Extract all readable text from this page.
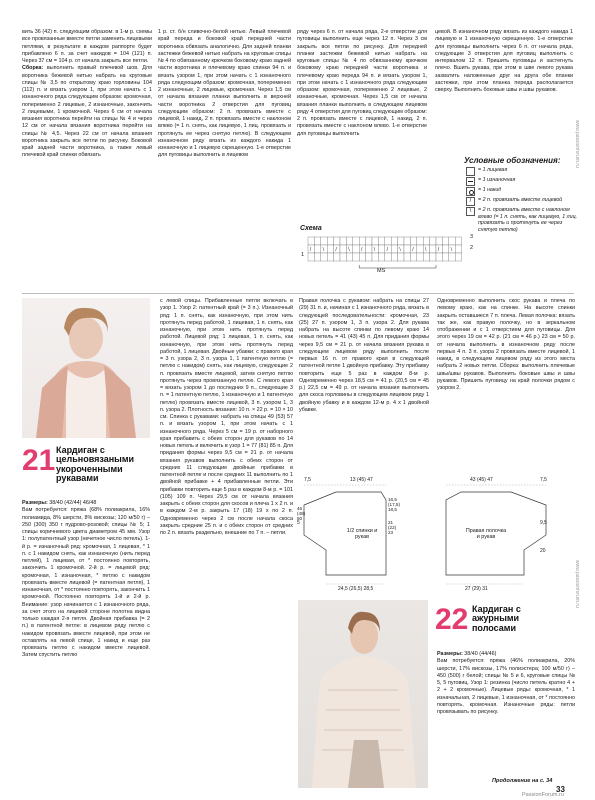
вить 36 (42) п. следующим образом: в 1-м р. схемы все провязанные вместе петли заменить лицевыми петлями, в результате в каждом раппорте будет прибавлено 6 п. за счет накидов = 104 (121) п. Через 37 см = 104 р. от начала закрыть все петли.

Сборка: выполнить правый плечевой шов. Для воротника бежевой нитью набрать на круговые спицы № 3,5 по открытому краю горловины 104 (112) п. и вязать узором 1, при этом начать с 1 изнаночного ряда следующим образом: кромочная, попеременно 2 лицевые, 2 изнаночные, закончить 2 лицевыми, 1 кромочной. Через 6 см от начала вязания воротника перейти на спицы № 4 и через 12 см от начала вязания воротника перейти на спицы № 4,5. Через 22 см от начала вязания воротника закрыть все петли по рисунку. Боковой край задней части воротника, а также левый плечевой край спинки обвязать

1 р. ст. б/н сливочно-белой нитью. Левый плечевой край переда и боковой край передней части воротника обвязать аналогично. Для задней планки застежки бежевой нитью набрать на круговые спицы № 4 по обвязанному крючком боковому краю задней части воротника и плечевому краю спинки 94 п. и вязать узором 1, при этом начать с 1 изнаночного ряда следующим образом: кромочная, попеременно 2 изнаночные, 2 лицевые, кромочная. Через 1,5 см от начала вязания планки выполнить в верхней части воротника 2 отверстия для пуговиц следующим образом: 2 п. провязать вместе с лицевой, 1 накид, 2 п. провязать вместе с наклоном влево (= 1 п. снять, как лицевую, 1 лиц. провязать и протянуть ее через снятую петлю). В следующем изнаночном ряду вязать из каждого накида 1 изнаночную и 1 лицевую скрещенную. 1-е отверстие для пуговицы выполнить в лицевом

ряду через 6 п. от начала ряда, 2-е отверстие для пуговицы выполнить еще через 12 п. Через 3 см закрыть все петли по рисунку. Для передней планки застежки бежевой нитью набрать на круговые спицы № 4 по обвязанному крючком боковому краю передней части воротника и плечевому краю переда 94 п. и вязать узором 1, при этом начать с 1 изнаночного ряда следующим образом: кромочная, попеременно 2 лицевые, 2 изнаночные, кромочная. Через 1,5 см от начала вязания планки выполнить в следующем лицевом ряду 4 отверстия для пуговиц следующим образом: 2 п. провязать вместе с лицевой, 1 накид, 2 п. провязать вместе с наклоном влево. 1-е отверстие для пуговицы выполнить

цевой. В изнаночном ряду вязать из каждого накида 1 лицевую и 1 изнаночную скрещенную. 1-е отверстие для пуговицы выполнить через 6 п. от начала ряда, следующие 3 отверстия для пуговиц выполнить с интервалом 12 п. Пришить пуговицы и застегнуть плечо. Вшить рукава, при этом в шве левого рукава захватить наложенные друг на друга обе планки застежки, при этом планка переда располагается сверху. Выполнить боковые швы и швы рукавов.

Условные обозначения:
= 1 лицевая
= 1 изнаночная
= 1 накид
/	= 2 п. провязать вместе лицевой
\	= 2 п. провязать вместе с наклоном влево (= 1 п. снять, как лицевую, 1 лиц. провязать и протянуть ее через снятую петлю)
Схема
/ \ / \ / \ / \ / \ / \
3
1
2
MS
21 Кардиган с цельновязаными укороченными рукавами

Размеры: 38/40 (42/44) 46/48

Вам потребуется: пряжа (68% полиакрила, 16% полиамида, 8% шерсти, 8% вискозы; 120 м/50 г) – 250 (300) 350 г пудрово-розовой; спицы № 5; 1 спицы коричневого цвета диаметром 45 мм. Узор 1: полупатентный узор (нечетное число петель). 1-й р. = изнаночный ряд: кромочная, 1 лицевая, * 1 п. с 1 накидом снять, как изнаночную (нить перед петлей), 1 лицевая, от * постоянно повторять, закончить 1 кромочной. 2-й р. = лицевой ряд: кромочная, 1 изнаночная, * петлю с накидом провязать вместе лицевой (= патентная петля), 1 изнаночная, от * постоянно повторять, закончить 1 кромочной. Постоянно повторять 1-й и 2-й р. Внимание: узор начинается с 1 изнаночного ряда, за счет этого на лицевой стороне полотна видна только каждая 2-я петля. Двойная прибавка (= 2 п.) в патентной петле: в лицевом ряду петлю с накидом провязать вместе лицевой, при этом не оставлять на левой спице, 1 накид и еще раз провязать петлю с накидом вместе лицевой. Затем спустить петлю

с левой спицы. Прибавленные петли включать в узор 1. Узор 2: патентный край (= 3 п.). Изнаночный ряд: 1 п. снять, как изнаночную, при этом нить протянуть перед работой, 1 лицевая, 1 п. снять, как изнаночную, при этом нить протянуть перед работой. Лицевой ряд: 1 лицевая, 1 п. снять, как изнаночную, при этом нить протянуть перед работой, 1 лицевая. Двойные убавки: с правого края = 3 п. узора 2, 3 п. узора 1, 1 патентную петлю (= петлю с накидом) снять, как лицевую, следующие 2 п. провязать вместе лицевой, затем снятую петлю протянуть через провязанную петлю. С левого края = вязать узором 1 до последних 9 п., следующие 3 п. = 1 патентную петлю, 1 изнаночную и 1 патентную петлю) провязать вместе лицевой, 3 п. узором 1, 3 п. узора 2. Плотность вязания: 10 п. × 22 р. = 10 × 10 см. Спинка с рукавами: набрать на спицы 49 (53) 57 п. и вязать узором 1, при этом начать с 1 изнаночного ряда. Через 5 см = 19 р. от наборного края прибавить с обеих сторон для рукавов по 14 новых петель и включить в узор 1 = 77 (81) 85 п. Для придания формы через 9,5 см = 21 р. от начала вязания рукавов выполнить с обеих сторон от средних 11 следующие двойные прибавки в патентной петле и после средних 11 выполнить по 1 двойной прибавке + 4 прибавленные петли. Эти прибавки повторить еще 5 раз в каждом 8-м р. = 101 (105) 109 п. Через 29,5 см от начала вязания закрыть с обеих сторон для скосов и плеча 1 х 2 п. и в каждом 2-м р. закрыть 17 (18) 19 х по 2 п. Одновременно через 2 см после начала скоса закрыть средние 25 п. и с обеих сторон от средних по 2 п. вязать раздельно, внешние по 7 п. – петли.

Правая полочка с рукавом: набрать на спицы 27 (29) 31 п. и, начиная с 1 изнаночного ряда, вязать в следующей последовательности: кромочная, 23 (25) 27 п. узором 1, 3 п. узора 2. Для рукава набрать на высоте спинки по левому краю 14 новых петель = 41 (43) 45 п. Для придания формы через 9,5 см = 21 р. от начала вязания рукава в следующем лицевом ряду выполнить после первых 16 п. от правого края в следующей патентной петле 1 двойную прибавку. Эту прибавку повторить еще 5 раз в каждом 8-м р. Одновременно через 18,5 см = 41 р. (20,5 см = 45 р.) 22,5 см = 49 р. от начала вязания выполнить для скоса горловины в следующем лицевом ряду 1 двойную убавку и в каждом 12-м р. 4 х 1 двойной убавке.

Одновременно выполнить скос рукава и плеча по левому краю, как на спинке. На высоте спинки закрыть оставшиеся 7 п. плеча. Левая полочка: вязать так же, как правую полочку, но в зеркальном отображении и с 1 отверстием для пуговицы. Для этого через 19 см = 42 р. (21 см = 46 р.) 23 см = 50 р. от начала выполнить в изнаночном ряду после первых 4 п. 3 п. узора 2 провязать вместе лицевой, 1 накид, в следующем лицевом ряду из этого места набрать 2 новых петли. Сборка: выполнить плечевые швы/швы рукавов. Выполнить боковые швы и швы рукавов. Пришить пуговицу на край полочки рядом с узором 2.

1/2 спинки и рукав
Правая полочка и рукав
7,5	13 (45) 47	43 (45) 47	7,5
16,5 (17,5) 18,5
21 (22) 23
5
46 (48) 50
20
9,5
24,5 (26,5) 28,5	27 (29) 31
22 Кардиган с ажурными полосами

Размеры: 38/40 (44/46)

Вам потребуется: пряжа (46% полиакрила, 20% шерсти, 17% вискозы, 17% полиэстера; 100 м/50 г) – 450 (500) г белой; спицы № 5 и 6, круговые спицы № 5, 5 пуговиц. Узор 1: резинка (число петель кратно 4 + 2 + 2 кромочные). Лицевые ряды: кромочная, * 1 изначальная, 2 лицевые, 1 изнаночная, от * постоянно повторять, кромочная. Изнаночные ряды: петли провязывать по рисунку.

Продолжение на с. 34
www.passionforum.ru
www.passionforum.ru
33
PassionForum.ru
